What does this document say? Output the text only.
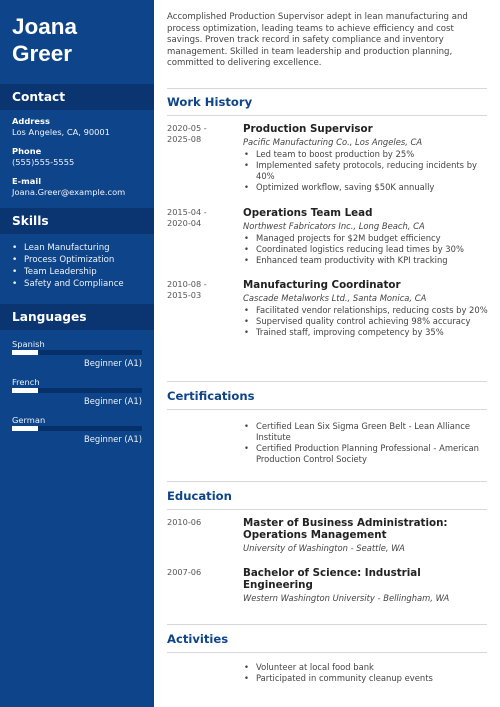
Joana
Greer
Contact
Address
Los Angeles, CA, 90001
Phone
(555)555-5555
E-mail
Joana.Greer@example.com
Skills
• Lean Manufacturing
• Process Optimization
• Team Leadership
• Safety and Compliance
Languages
Spanish
Beginner (A1)
French
Beginner (A1)
German
Beginner (A1)
Accomplished Production Supervisor adept in lean manufacturing and process optimization, leading teams to achieve efficiency and cost savings. Proven track record in safety compliance and inventory management. Skilled in team leadership and production planning, committed to delivering excellence.
Work History
2020-05 -
2025-08
Production Supervisor
Pacific Manufacturing Co., Los Angeles, CA
• Led team to boost production by 25%
• Implemented safety protocols, reducing incidents by 40%
• Optimized workflow, saving $50K annually
2015-04 -
2020-04
Operations Team Lead
Northwest Fabricators Inc., Long Beach, CA
• Managed projects for $2M budget efficiency
• Coordinated logistics reducing lead times by 30%
• Enhanced team productivity with KPI tracking
2010-08 -
2015-03
Manufacturing Coordinator
Cascade Metalworks Ltd., Santa Monica, CA
• Facilitated vendor relationships, reducing costs by 20%
• Supervised quality control achieving 98% accuracy
• Trained staff, improving competency by 35%
Certifications
• Certified Lean Six Sigma Green Belt - Lean Alliance Institute
• Certified Production Planning Professional - American Production Control Society
Education
2010-06	Master of Business Administration: Operations Management
University of Washington - Seattle, WA
2007-06	Bachelor of Science: Industrial Engineering
Western Washington University - Bellingham, WA
Activities
• Volunteer at local food bank
• Participated in community cleanup events
